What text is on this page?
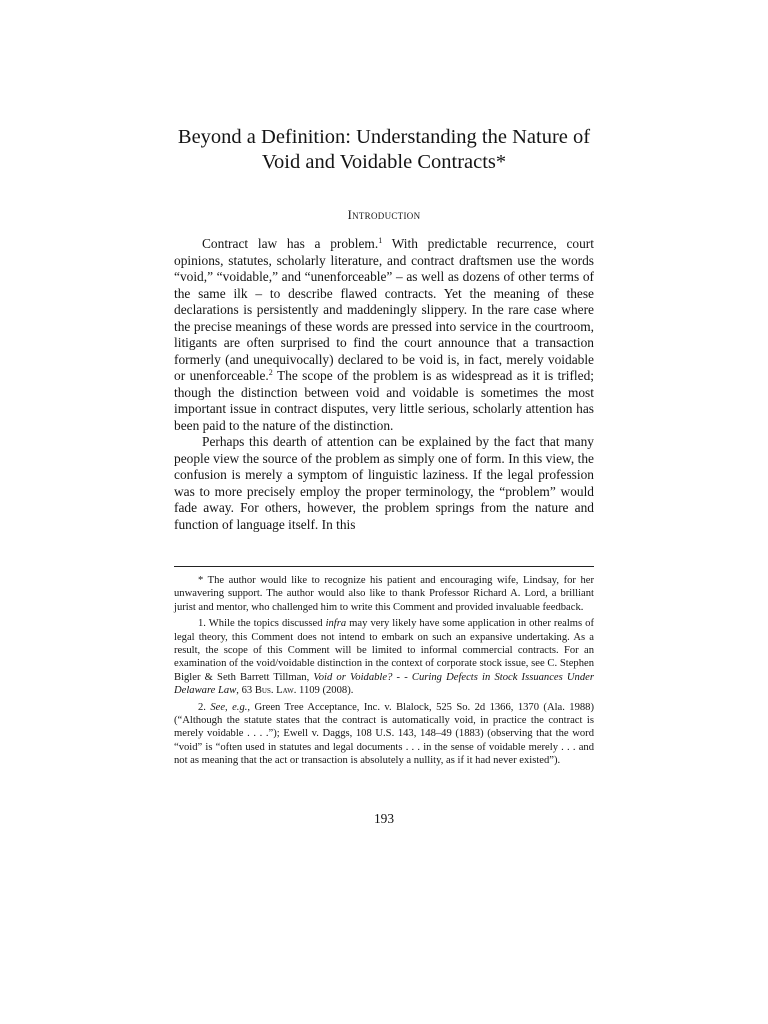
Beyond a Definition: Understanding the Nature of
Void and Voidable Contracts*
Introduction

Contract law has a problem.$^1$ With predictable recurrence, court opinions, statutes, scholarly literature, and contract draftsmen use the words “void,” “voidable,” and “unenforceable” – as well as dozens of other terms of the same ilk – to describe flawed contracts. Yet the meaning of these declarations is persistently and maddeningly slippery. In the rare case where the precise meanings of these words are pressed into service in the courtroom, litigants are often surprised to find the court announce that a transaction formerly (and unequivocally) declared to be void is, in fact, merely voidable or unenforceable.$^2$ The scope of the problem is as widespread as it is trifled; though the distinction between void and voidable is sometimes the most important issue in contract disputes, very little serious, scholarly attention has been paid to the nature of the distinction.

Perhaps this dearth of attention can be explained by the fact that many people view the source of the problem as simply one of form. In this view, the confusion is merely a symptom of linguistic laziness. If the legal profession was to more precisely employ the proper terminology, the “problem” would fade away. For others, however, the problem springs from the nature and function of language itself. In this

* The author would like to recognize his patient and encouraging wife, Lindsay, for her unwavering support. The author would also like to thank Professor Richard A. Lord, a brilliant jurist and mentor, who challenged him to write this Comment and provided invaluable feedback.

1. While the topics discussed infra may very likely have some application in other realms of legal theory, this Comment does not intend to embark on such an expansive undertaking. As a result, the scope of this Comment will be limited to informal commercial contracts. For an examination of the void/voidable distinction in the context of corporate stock issue, see C. Stephen Bigler & Seth Barrett Tillman, Void or Voidable? - - Curing Defects in Stock Issuances Under Delaware Law, 63 Bus. Law. 1109 (2008).

2. See, e.g., Green Tree Acceptance, Inc. v. Blalock, 525 So. 2d 1366, 1370 (Ala. 1988) (“Although the statute states that the contract is automatically void, in practice the contract is merely voidable . . . .”); Ewell v. Daggs, 108 U.S. 143, 148–49 (1883) (observing that the word “void” is “often used in statutes and legal documents . . . in the sense of voidable merely . . . and not as meaning that the act or transaction is absolutely a nullity, as if it had never existed”).

193
